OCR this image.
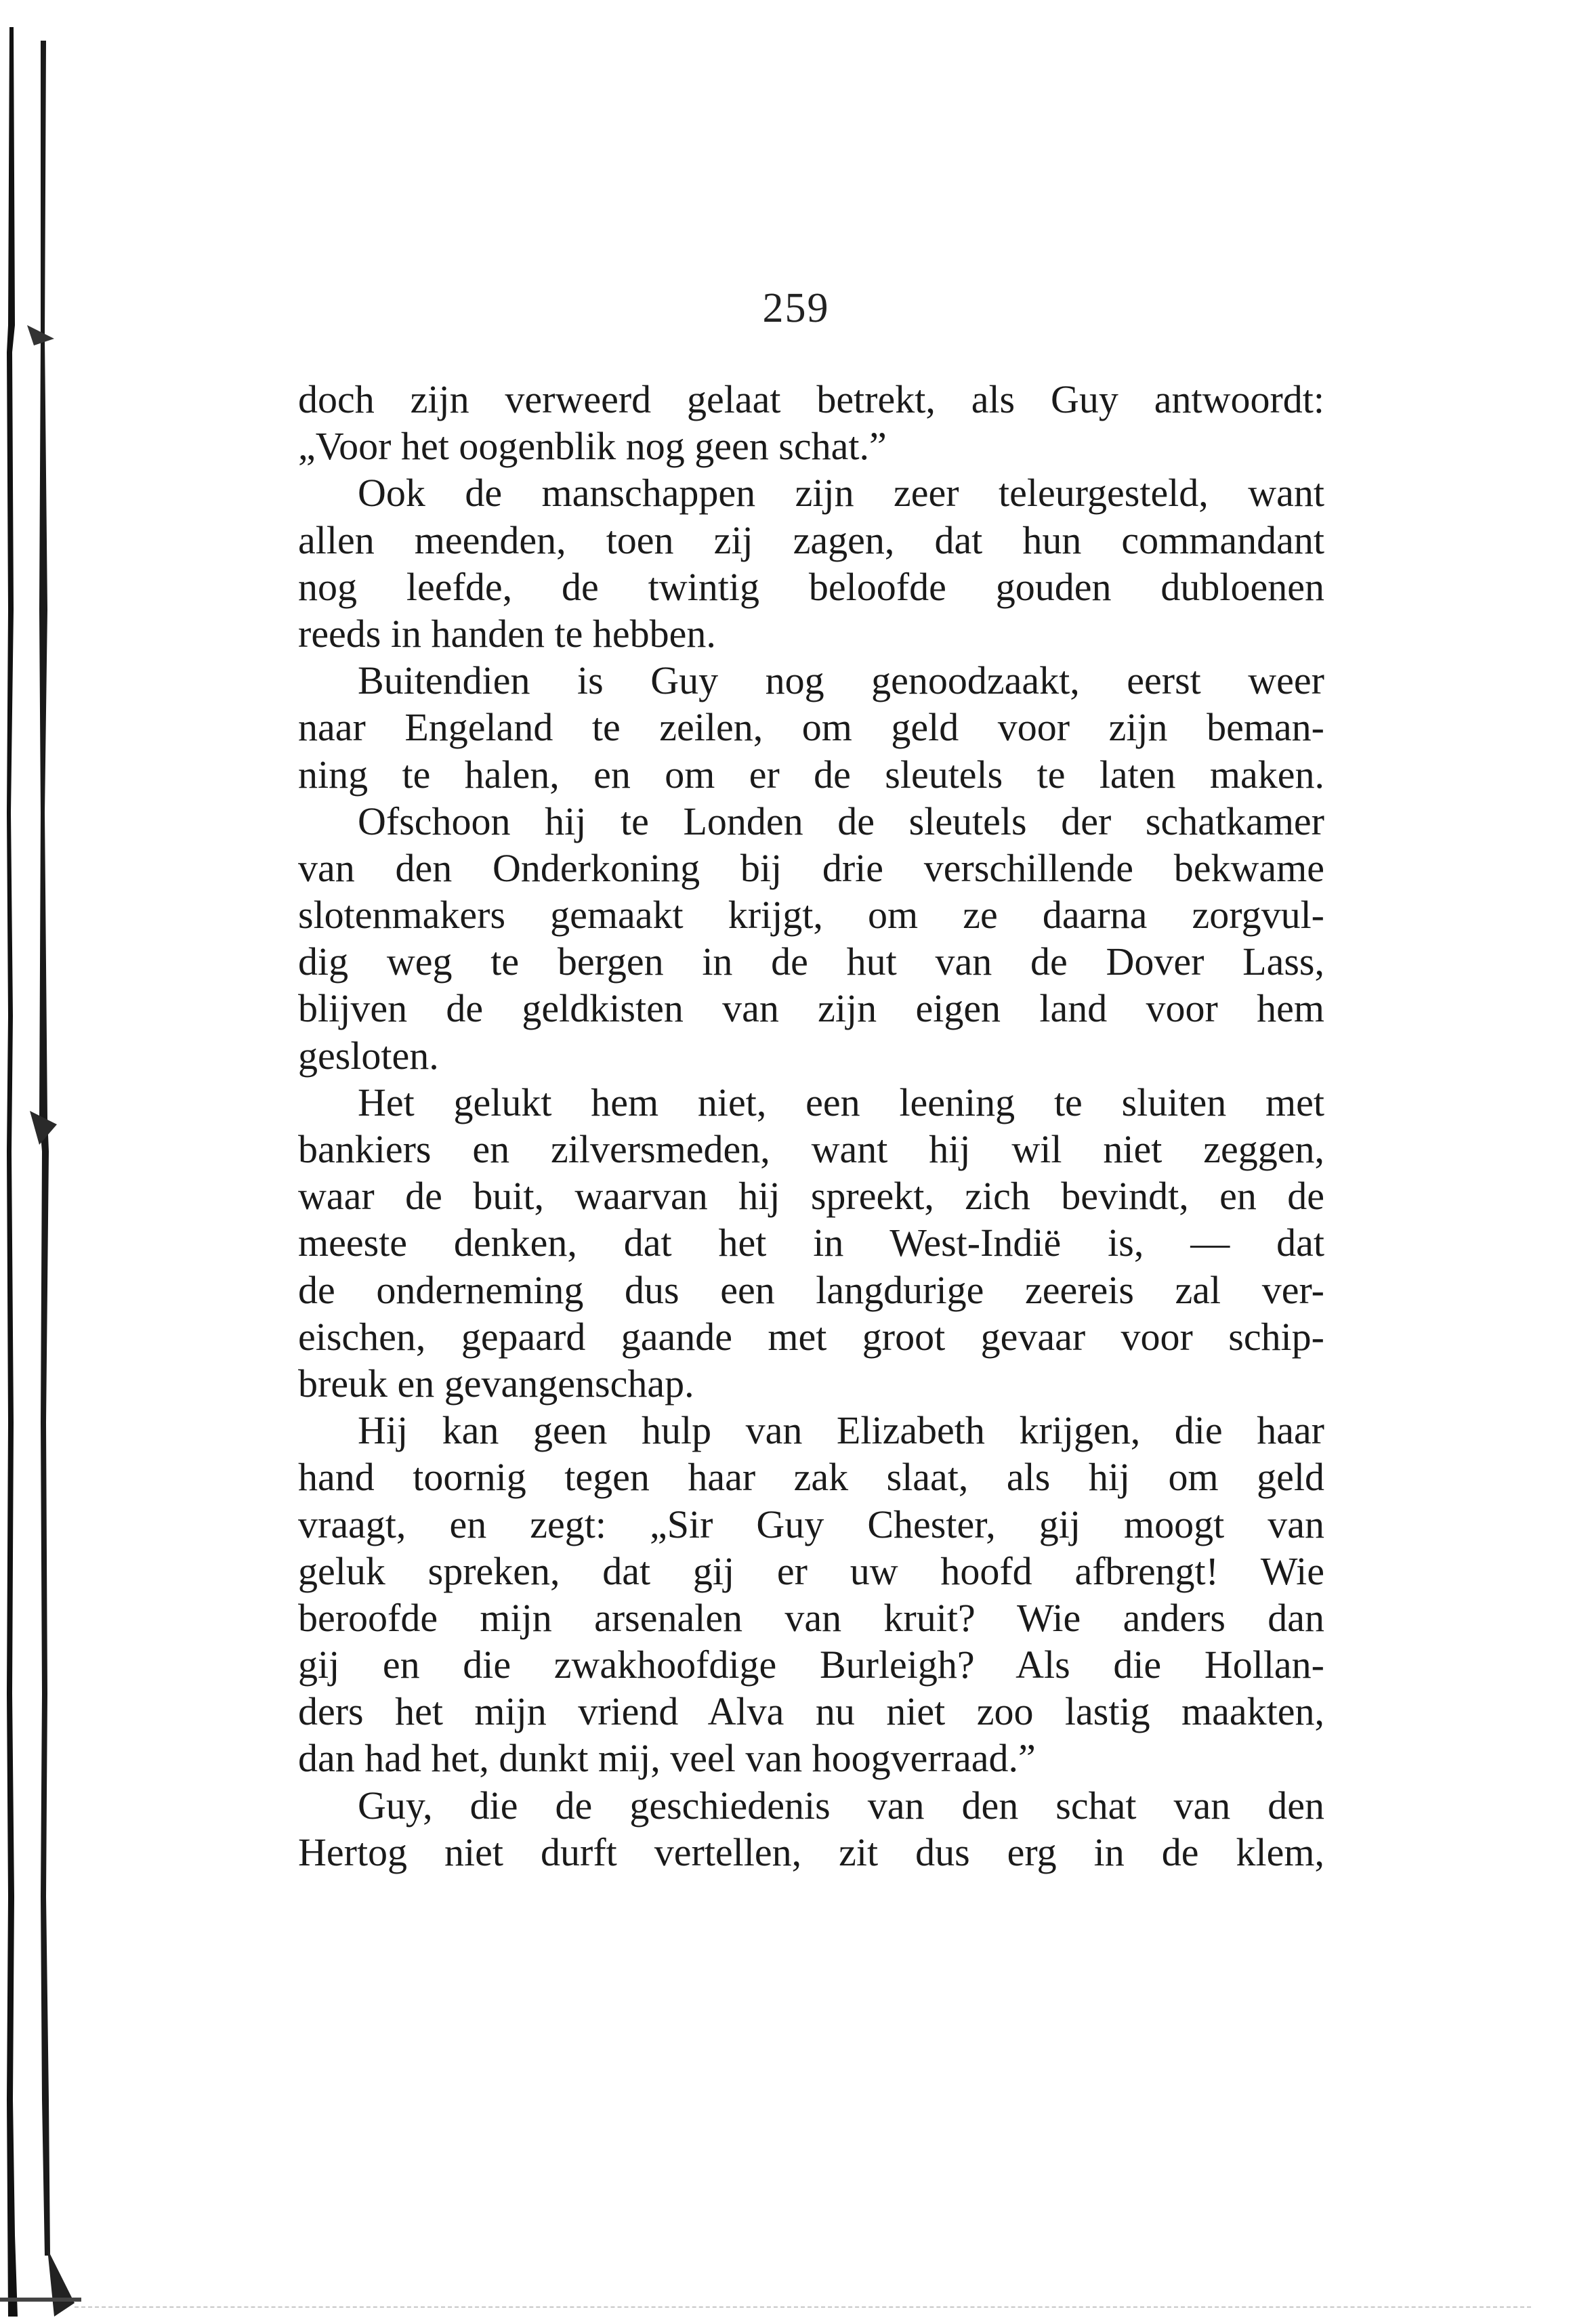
259
doch zijn verweerd gelaat betrekt, als Guy antwoordt:
„Voor het oogenblik nog geen schat.”
Ook de manschappen zijn zeer teleurgesteld, want
allen meenden, toen zij zagen, dat hun commandant
nog leefde, de twintig beloofde gouden dubloenen
reeds in handen te hebben.
Buitendien is Guy nog genoodzaakt, eerst weer
naar Engeland te zeilen, om geld voor zijn beman-
ning te halen, en om er de sleutels te laten maken.
Ofschoon hij te Londen de sleutels der schatkamer
van den Onderkoning bij drie verschillende bekwame
slotenmakers gemaakt krijgt, om ze daarna zorgvul-
dig weg te bergen in de hut van de Dover Lass,
blijven de geldkisten van zijn eigen land voor hem
gesloten.
Het gelukt hem niet, een leening te sluiten met
bankiers en zilversmeden, want hij wil niet zeggen,
waar de buit, waarvan hij spreekt, zich bevindt, en de
meeste denken, dat het in West-Indië is, — dat
de onderneming dus een langdurige zeereis zal ver-
eischen, gepaard gaande met groot gevaar voor schip-
breuk en gevangenschap.
Hij kan geen hulp van Elizabeth krijgen, die haar
hand toornig tegen haar zak slaat, als hij om geld
vraagt, en zegt: „Sir Guy Chester, gij moogt van
geluk spreken, dat gij er uw hoofd afbrengt! Wie
beroofde mijn arsenalen van kruit? Wie anders dan
gij en die zwakhoofdige Burleigh? Als die Hollan-
ders het mijn vriend Alva nu niet zoo lastig maakten,
dan had het, dunkt mij, veel van hoogverraad.”
Guy, die de geschiedenis van den schat van den
Hertog niet durft vertellen, zit dus erg in de klem,
